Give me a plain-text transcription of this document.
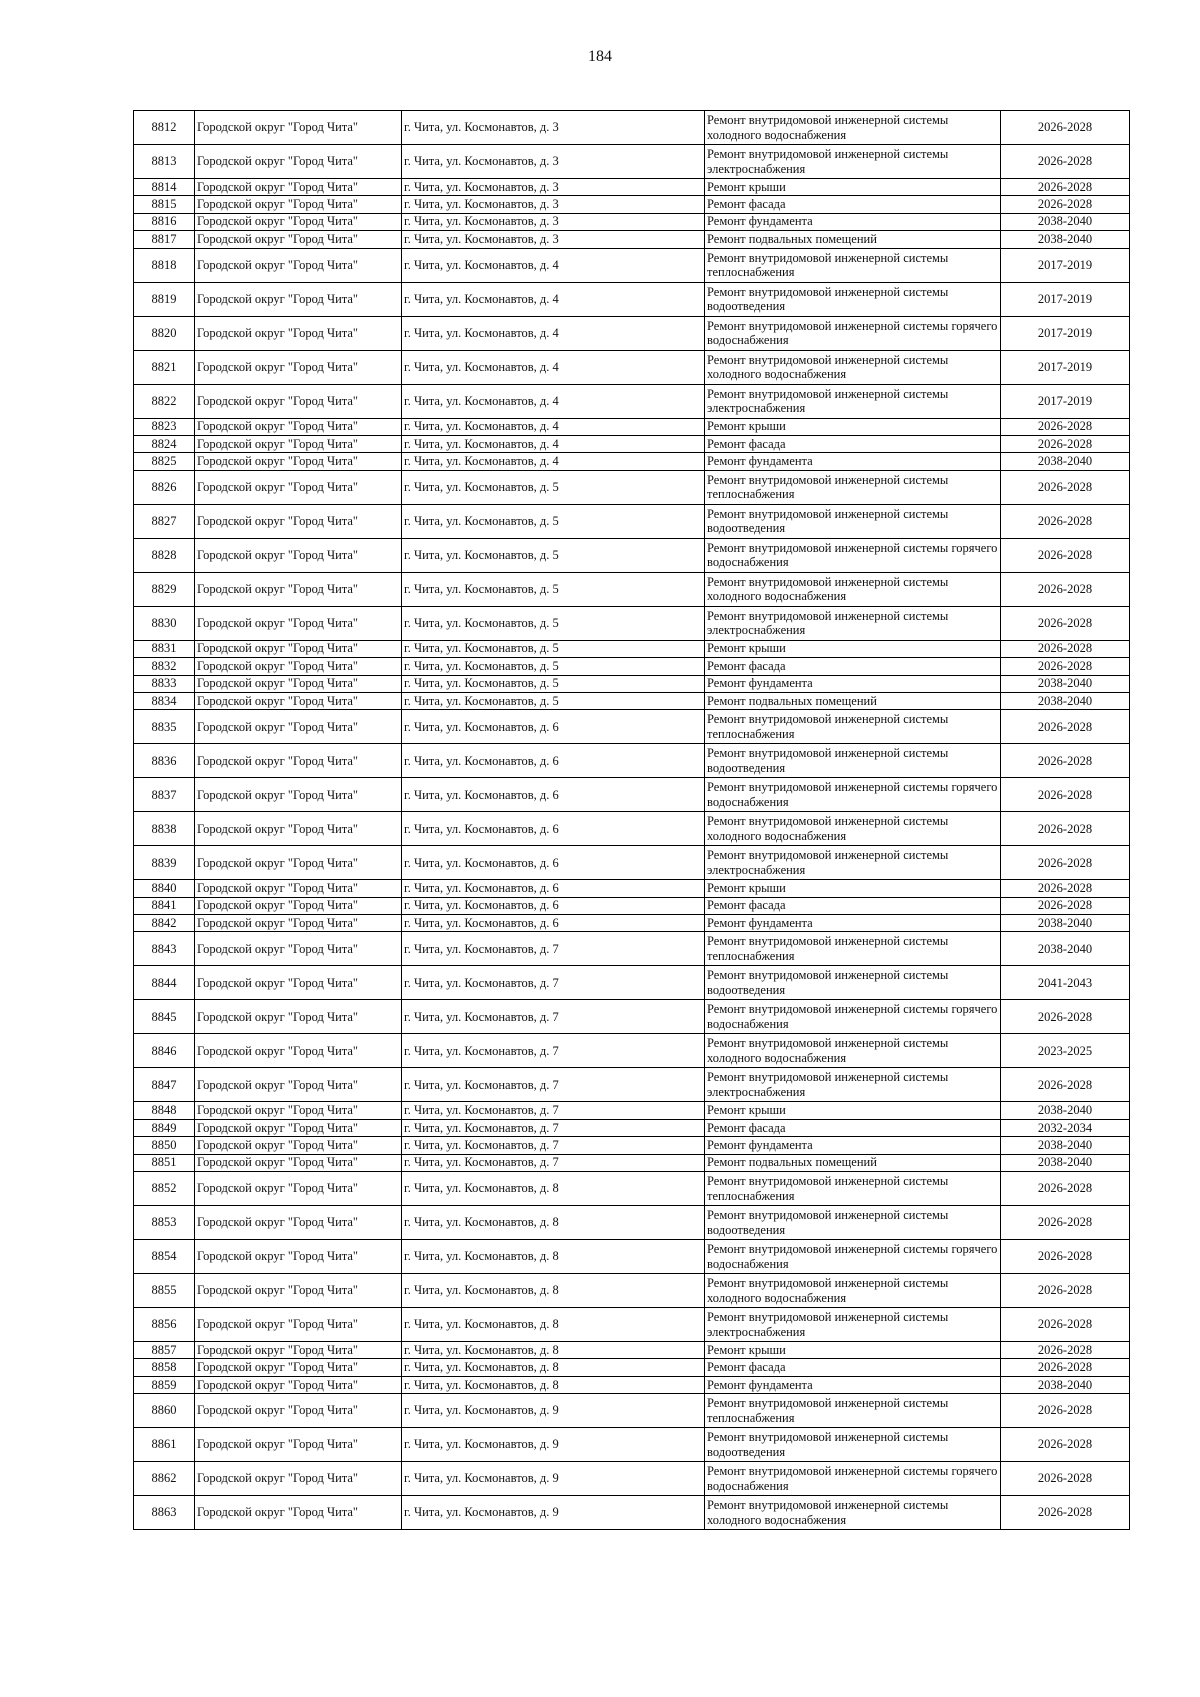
184
8812	Городской округ "Город Чита"	г. Чита, ул. Космонавтов, д. 3	Ремонт внутридомовой инженерной системы холодного водоснабжения	2026-2028
8813	Городской округ "Город Чита"	г. Чита, ул. Космонавтов, д. 3	Ремонт внутридомовой инженерной системы электроснабжения	2026-2028
8814	Городской округ "Город Чита"	г. Чита, ул. Космонавтов, д. 3	Ремонт крыши	2026-2028
8815	Городской округ "Город Чита"	г. Чита, ул. Космонавтов, д. 3	Ремонт фасада	2026-2028
8816	Городской округ "Город Чита"	г. Чита, ул. Космонавтов, д. 3	Ремонт фундамента	2038-2040
8817	Городской округ "Город Чита"	г. Чита, ул. Космонавтов, д. 3	Ремонт подвальных помещений	2038-2040
8818	Городской округ "Город Чита"	г. Чита, ул. Космонавтов, д. 4	Ремонт внутридомовой инженерной системы теплоснабжения	2017-2019
8819	Городской округ "Город Чита"	г. Чита, ул. Космонавтов, д. 4	Ремонт внутридомовой инженерной системы водоотведения	2017-2019
8820	Городской округ "Город Чита"	г. Чита, ул. Космонавтов, д. 4	Ремонт внутридомовой инженерной системы горячего водоснабжения	2017-2019
8821	Городской округ "Город Чита"	г. Чита, ул. Космонавтов, д. 4	Ремонт внутридомовой инженерной системы холодного водоснабжения	2017-2019
8822	Городской округ "Город Чита"	г. Чита, ул. Космонавтов, д. 4	Ремонт внутридомовой инженерной системы электроснабжения	2017-2019
8823	Городской округ "Город Чита"	г. Чита, ул. Космонавтов, д. 4	Ремонт крыши	2026-2028
8824	Городской округ "Город Чита"	г. Чита, ул. Космонавтов, д. 4	Ремонт фасада	2026-2028
8825	Городской округ "Город Чита"	г. Чита, ул. Космонавтов, д. 4	Ремонт фундамента	2038-2040
8826	Городской округ "Город Чита"	г. Чита, ул. Космонавтов, д. 5	Ремонт внутридомовой инженерной системы теплоснабжения	2026-2028
8827	Городской округ "Город Чита"	г. Чита, ул. Космонавтов, д. 5	Ремонт внутридомовой инженерной системы водоотведения	2026-2028
8828	Городской округ "Город Чита"	г. Чита, ул. Космонавтов, д. 5	Ремонт внутридомовой инженерной системы горячего водоснабжения	2026-2028
8829	Городской округ "Город Чита"	г. Чита, ул. Космонавтов, д. 5	Ремонт внутридомовой инженерной системы холодного водоснабжения	2026-2028
8830	Городской округ "Город Чита"	г. Чита, ул. Космонавтов, д. 5	Ремонт внутридомовой инженерной системы электроснабжения	2026-2028
8831	Городской округ "Город Чита"	г. Чита, ул. Космонавтов, д. 5	Ремонт крыши	2026-2028
8832	Городской округ "Город Чита"	г. Чита, ул. Космонавтов, д. 5	Ремонт фасада	2026-2028
8833	Городской округ "Город Чита"	г. Чита, ул. Космонавтов, д. 5	Ремонт фундамента	2038-2040
8834	Городской округ "Город Чита"	г. Чита, ул. Космонавтов, д. 5	Ремонт подвальных помещений	2038-2040
8835	Городской округ "Город Чита"	г. Чита, ул. Космонавтов, д. 6	Ремонт внутридомовой инженерной системы теплоснабжения	2026-2028
8836	Городской округ "Город Чита"	г. Чита, ул. Космонавтов, д. 6	Ремонт внутридомовой инженерной системы водоотведения	2026-2028
8837	Городской округ "Город Чита"	г. Чита, ул. Космонавтов, д. 6	Ремонт внутридомовой инженерной системы горячего водоснабжения	2026-2028
8838	Городской округ "Город Чита"	г. Чита, ул. Космонавтов, д. 6	Ремонт внутридомовой инженерной системы холодного водоснабжения	2026-2028
8839	Городской округ "Город Чита"	г. Чита, ул. Космонавтов, д. 6	Ремонт внутридомовой инженерной системы электроснабжения	2026-2028
8840	Городской округ "Город Чита"	г. Чита, ул. Космонавтов, д. 6	Ремонт крыши	2026-2028
8841	Городской округ "Город Чита"	г. Чита, ул. Космонавтов, д. 6	Ремонт фасада	2026-2028
8842	Городской округ "Город Чита"	г. Чита, ул. Космонавтов, д. 6	Ремонт фундамента	2038-2040
8843	Городской округ "Город Чита"	г. Чита, ул. Космонавтов, д. 7	Ремонт внутридомовой инженерной системы теплоснабжения	2038-2040
8844	Городской округ "Город Чита"	г. Чита, ул. Космонавтов, д. 7	Ремонт внутридомовой инженерной системы водоотведения	2041-2043
8845	Городской округ "Город Чита"	г. Чита, ул. Космонавтов, д. 7	Ремонт внутридомовой инженерной системы горячего водоснабжения	2026-2028
8846	Городской округ "Город Чита"	г. Чита, ул. Космонавтов, д. 7	Ремонт внутридомовой инженерной системы холодного водоснабжения	2023-2025
8847	Городской округ "Город Чита"	г. Чита, ул. Космонавтов, д. 7	Ремонт внутридомовой инженерной системы электроснабжения	2026-2028
8848	Городской округ "Город Чита"	г. Чита, ул. Космонавтов, д. 7	Ремонт крыши	2038-2040
8849	Городской округ "Город Чита"	г. Чита, ул. Космонавтов, д. 7	Ремонт фасада	2032-2034
8850	Городской округ "Город Чита"	г. Чита, ул. Космонавтов, д. 7	Ремонт фундамента	2038-2040
8851	Городской округ "Город Чита"	г. Чита, ул. Космонавтов, д. 7	Ремонт подвальных помещений	2038-2040
8852	Городской округ "Город Чита"	г. Чита, ул. Космонавтов, д. 8	Ремонт внутридомовой инженерной системы теплоснабжения	2026-2028
8853	Городской округ "Город Чита"	г. Чита, ул. Космонавтов, д. 8	Ремонт внутридомовой инженерной системы водоотведения	2026-2028
8854	Городской округ "Город Чита"	г. Чита, ул. Космонавтов, д. 8	Ремонт внутридомовой инженерной системы горячего водоснабжения	2026-2028
8855	Городской округ "Город Чита"	г. Чита, ул. Космонавтов, д. 8	Ремонт внутридомовой инженерной системы холодного водоснабжения	2026-2028
8856	Городской округ "Город Чита"	г. Чита, ул. Космонавтов, д. 8	Ремонт внутридомовой инженерной системы электроснабжения	2026-2028
8857	Городской округ "Город Чита"	г. Чита, ул. Космонавтов, д. 8	Ремонт крыши	2026-2028
8858	Городской округ "Город Чита"	г. Чита, ул. Космонавтов, д. 8	Ремонт фасада	2026-2028
8859	Городской округ "Город Чита"	г. Чита, ул. Космонавтов, д. 8	Ремонт фундамента	2038-2040
8860	Городской округ "Город Чита"	г. Чита, ул. Космонавтов, д. 9	Ремонт внутридомовой инженерной системы теплоснабжения	2026-2028
8861	Городской округ "Город Чита"	г. Чита, ул. Космонавтов, д. 9	Ремонт внутридомовой инженерной системы водоотведения	2026-2028
8862	Городской округ "Город Чита"	г. Чита, ул. Космонавтов, д. 9	Ремонт внутридомовой инженерной системы горячего водоснабжения	2026-2028
8863	Городской округ "Город Чита"	г. Чита, ул. Космонавтов, д. 9	Ремонт внутридомовой инженерной системы холодного водоснабжения	2026-2028
